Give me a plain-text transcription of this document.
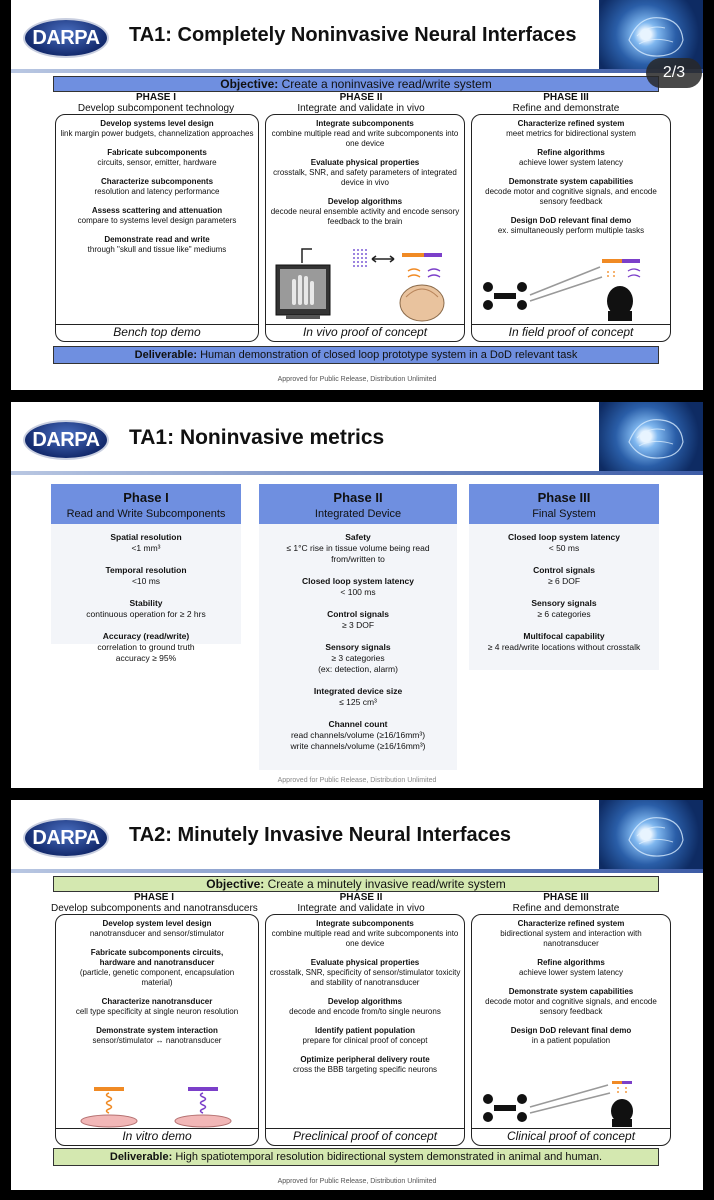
2/3
DARPA	TA1: Completely Noninvasive Neural Interfaces
Objective: Create a noninvasive read/write system
PHASE I
Develop subcomponent technology
PHASE II
Integrate and validate in vivo
PHASE III
Refine and demonstrate
Develop systems level design
link margin power budgets, channelization approaches
Fabricate subcomponents
circuits, sensor, emitter, hardware
Characterize subcomponents
resolution and latency performance
Assess scattering and attenuation
compare to systems level design parameters
Demonstrate read and write
through "skull and tissue like" mediums
Bench top demo
Integrate subcomponents
combine multiple read and write subcomponents into one device
Evaluate physical properties
crosstalk, SNR, and safety parameters of integrated device in vivo
Develop algorithms
decode neural ensemble activity and encode sensory feedback to the brain
In vivo proof of concept
Characterize refined system
meet metrics for bidirectional system
Refine algorithms
achieve lower system latency
Demonstrate system capabilities
decode motor and cognitive signals, and encode sensory feedback
Design DoD relevant final demo
ex. simultaneously perform multiple tasks
In field proof of concept
Deliverable: Human demonstration of closed loop prototype system in a DoD relevant task
Approved for Public Release, Distribution Unlimited
DARPA	TA1: Noninvasive metrics
Phase I
Read and Write Subcomponents
Spatial resolution
<1 mm³
Temporal resolution
<10 ms
Stability
continuous operation for ≥ 2 hrs
Accuracy (read/write)
correlation to ground truth
accuracy ≥ 95%
Phase II
Integrated Device
Safety
≤ 1°C rise in tissue volume being read
from/written to
Closed loop system latency
< 100 ms
Control signals
≥ 3 DOF
Sensory signals
≥ 3 categories
(ex: detection, alarm)
Integrated device size
≤ 125 cm³
Channel count
read channels/volume (≥16/16mm³)
write channels/volume (≥16/16mm³)
Phase III
Final System
Closed loop system latency
< 50 ms
Control signals
≥ 6 DOF
Sensory signals
≥ 6 categories
Multifocal capability
≥ 4 read/write locations without crosstalk
Approved for Public Release, Distribution Unlimited
DARPA	TA2: Minutely Invasive Neural Interfaces
Objective: Create a minutely invasive read/write system
PHASE I
Develop subcomponents and nanotransducers
PHASE II
Integrate and validate in vivo
PHASE III
Refine and demonstrate
Develop system level design
nanotransducer and sensor/stimulator
Fabricate subcomponents circuits, hardware and nanotransducer
(particle, genetic component, encapsulation material)
Characterize nanotransducer
cell type specificity at single neuron resolution
Demonstrate system interaction
sensor/stimulator ↔ nanotransducer
In vitro demo
Integrate subcomponents
combine multiple read and write subcomponents into one device
Evaluate physical properties
crosstalk, SNR, specificity of sensor/stimulator toxicity and stability of nanotransducer
Develop algorithms
decode and encode from/to single neurons
Identify patient population
prepare for clinical proof of concept
Optimize peripheral delivery route
cross the BBB targeting specific neurons
Preclinical proof of concept
Characterize refined system
bidirectional system and interaction with nanotransducer
Refine algorithms
achieve lower system latency
Demonstrate system capabilities
decode motor and cognitive signals, and encode sensory feedback
Design DoD relevant final demo
in a patient population
Clinical proof of concept
Deliverable: High spatiotemporal resolution bidirectional system demonstrated in animal and human.
Approved for Public Release, Distribution Unlimited
